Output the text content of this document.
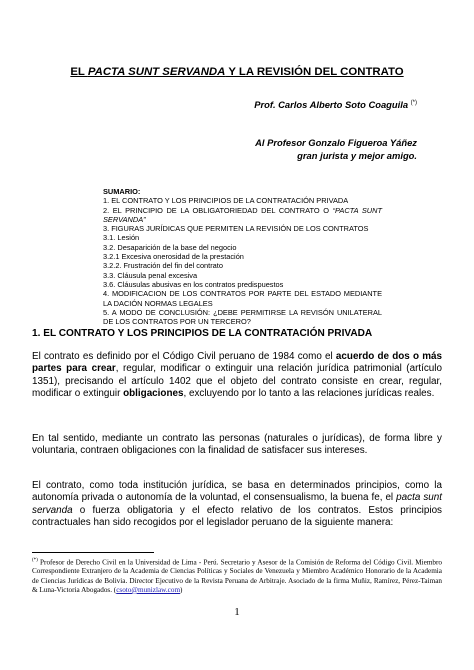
EL PACTA SUNT SERVANDA Y LA REVISIÓN DEL CONTRATO
Prof. Carlos Alberto Soto Coaguila (*)
Al Profesor Gonzalo Figueroa Yáñez
gran jurista y mejor amigo.
SUMARIO:
1. EL CONTRATO Y LOS PRINCIPIOS DE LA CONTRATACIÓN PRIVADA
2. EL PRINCIPIO DE LA OBLIGATORIEDAD DEL CONTRATO O “PACTA SUNT SERVANDA”
3. FIGURAS JURÍDICAS QUE PERMITEN LA REVISIÓN DE LOS CONTRATOS
3.1. Lesión
3.2. Desaparición de la base del negocio
3.2.1 Excesiva onerosidad de la prestación
3.2.2. Frustración del fin del contrato
3.3. Cláusula penal excesiva
3.6. Cláusulas abusivas en los contratos predispuestos
4. MODIFICACION DE LOS CONTRATOS POR PARTE DEL ESTADO MEDIANTE LA DACIÓN NORMAS LEGALES
5. A MODO DE CONCLUSIÓN: ¿DEBE PERMITIRSE LA REVISÓN UNILATERAL DE LOS CONTRATOS POR UN TERCERO?
1. EL CONTRATO Y LOS PRINCIPIOS DE LA CONTRATACIÓN PRIVADA
El contrato es definido por el Código Civil peruano de 1984 como el acuerdo de dos o más partes para crear, regular, modificar o extinguir una relación jurídica patrimonial (artículo 1351), precisando el artículo 1402 que el objeto del contrato consiste en crear, regular, modificar o extinguir obligaciones, excluyendo por lo tanto a las relaciones jurídicas reales.
En tal sentido, mediante un contrato las personas (naturales o jurídicas), de forma libre y voluntaria, contraen obligaciones con la finalidad de satisfacer sus intereses.
El contrato, como toda institución jurídica, se basa en determinados principios, como la autonomía privada o autonomía de la voluntad, el consensualismo, la buena fe, el pacta sunt servanda o fuerza obligatoria y el efecto relativo de los contratos. Estos principios contractuales han sido recogidos por el legislador peruano de la siguiente manera:
(*) Profesor de Derecho Civil en la Universidad de Lima - Perú. Secretario y Asesor de la Comisión de Reforma del Código Civil. Miembro Correspondiente Extranjero de la Academia de Ciencias Políticas y Sociales de Venezuela y Miembro Académico Honorario de la Academia de Ciencias Jurídicas de Bolivia. Director Ejecutivo de la Revista Peruana de Arbitraje. Asociado de la firma Muñiz, Ramírez, Pérez-Taiman & Luna-Victoria Abogados. (csoto@munizlaw.com)
1
